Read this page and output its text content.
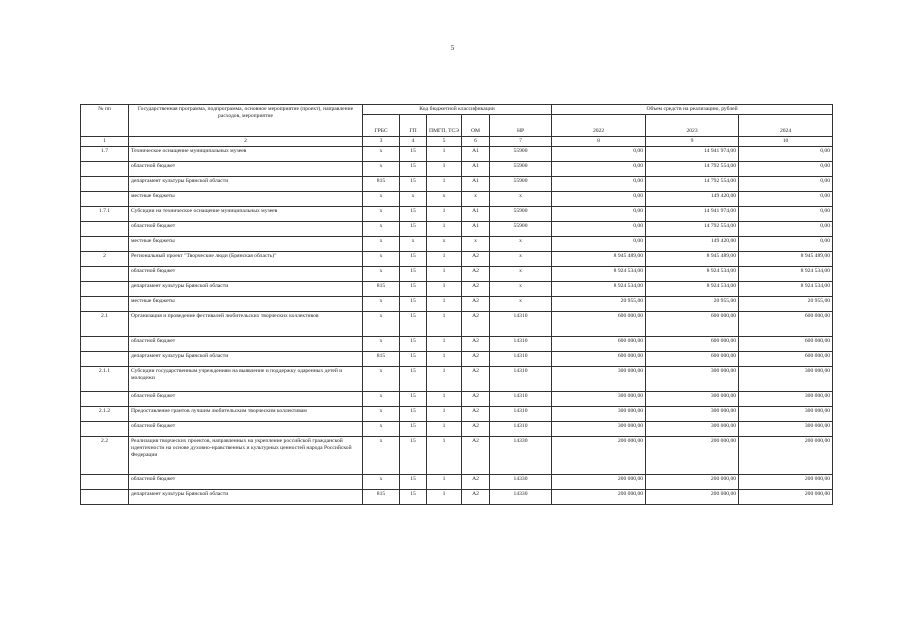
5
№ пп	Государственная программа, подпрограмма, основное мероприятие (проект), направление расходов, мероприятие	Код бюджетной классификации					Объем средств на реализацию, рублей		
		ГРБС	ГП	ПМГП, ТСЭ	ОМ	НР	2022	2023	2024
1	2	3	4	5	6	7	8	9	10
1.7	Техническое оснащение муниципальных музеев	х	15	1	А1	55900	0,00	14 941 974,00	0,00
	областной бюджет	х	15	1	А1	55900	0,00	14 792 554,00	0,00
	департамент культуры Брянской области	815	15	1	А1	55900	0,00	14 792 554,00	0,00
	местные бюджеты	х	х	х	х	х	0,00	149 420,00	0,00
1.7.1	Субсидии на техническое оснащение муниципальных музеев	х	15	1	А1	55900	0,00	14 941 974,00	0,00
	областной бюджет	х	15	1	А1	55900	0,00	14 792 554,00	0,00
	местные бюджеты	х	х	х	х	х	0,00	149 420,00	0,00
2	Региональный проект "Творческие люди (Брянская область)"	х	15	1	А2	х	8 945 489,00	8 945 489,00	8 945 489,00
	областной бюджет	х	15	1	А2	х	8 924 534,00	8 924 534,00	8 924 534,00
	департамент культуры Брянской области	815	15	1	А2	х	8 924 534,00	8 924 534,00	8 924 534,00
	местные бюджеты	х	15	1	А2	х	20 955,00	20 955,00	20 955,00
2.1	Организация и проведение фестивалей любительских творческих коллективов	х	15	1	А2	14310	600 000,00	600 000,00	600 000,00
	областной бюджет	х	15	1	А2	14310	600 000,00	600 000,00	600 000,00
	департамент культуры Брянской области	815	15	1	А2	14310	600 000,00	600 000,00	600 000,00
2.1.1	Субсидии государственным учреждениям на выявление и поддержку одаренных детей и молодежи	х	15	1	А2	14310	300 000,00	300 000,00	300 000,00
	областной бюджет	х	15	1	А2	14310	300 000,00	300 000,00	300 000,00
2.1.2	Предоставление грантов лучшим любительским творческим коллективам	х	15	1	А2	14310	300 000,00	300 000,00	300 000,00
	областной бюджет	х	15	1	А2	14310	300 000,00	300 000,00	300 000,00
2.2	Реализация творческих проектов, направленных на укрепление российской гражданской идентичности на основе духовно-нравственных и культурных ценностей народа Российской Федерации	х	15	1	А2	14330	200 000,00	200 000,00	200 000,00
	областной бюджет	х	15	1	А2	14330	200 000,00	200 000,00	200 000,00
	департамент культуры Брянской области	815	15	1	А2	14330	200 000,00	200 000,00	200 000,00
